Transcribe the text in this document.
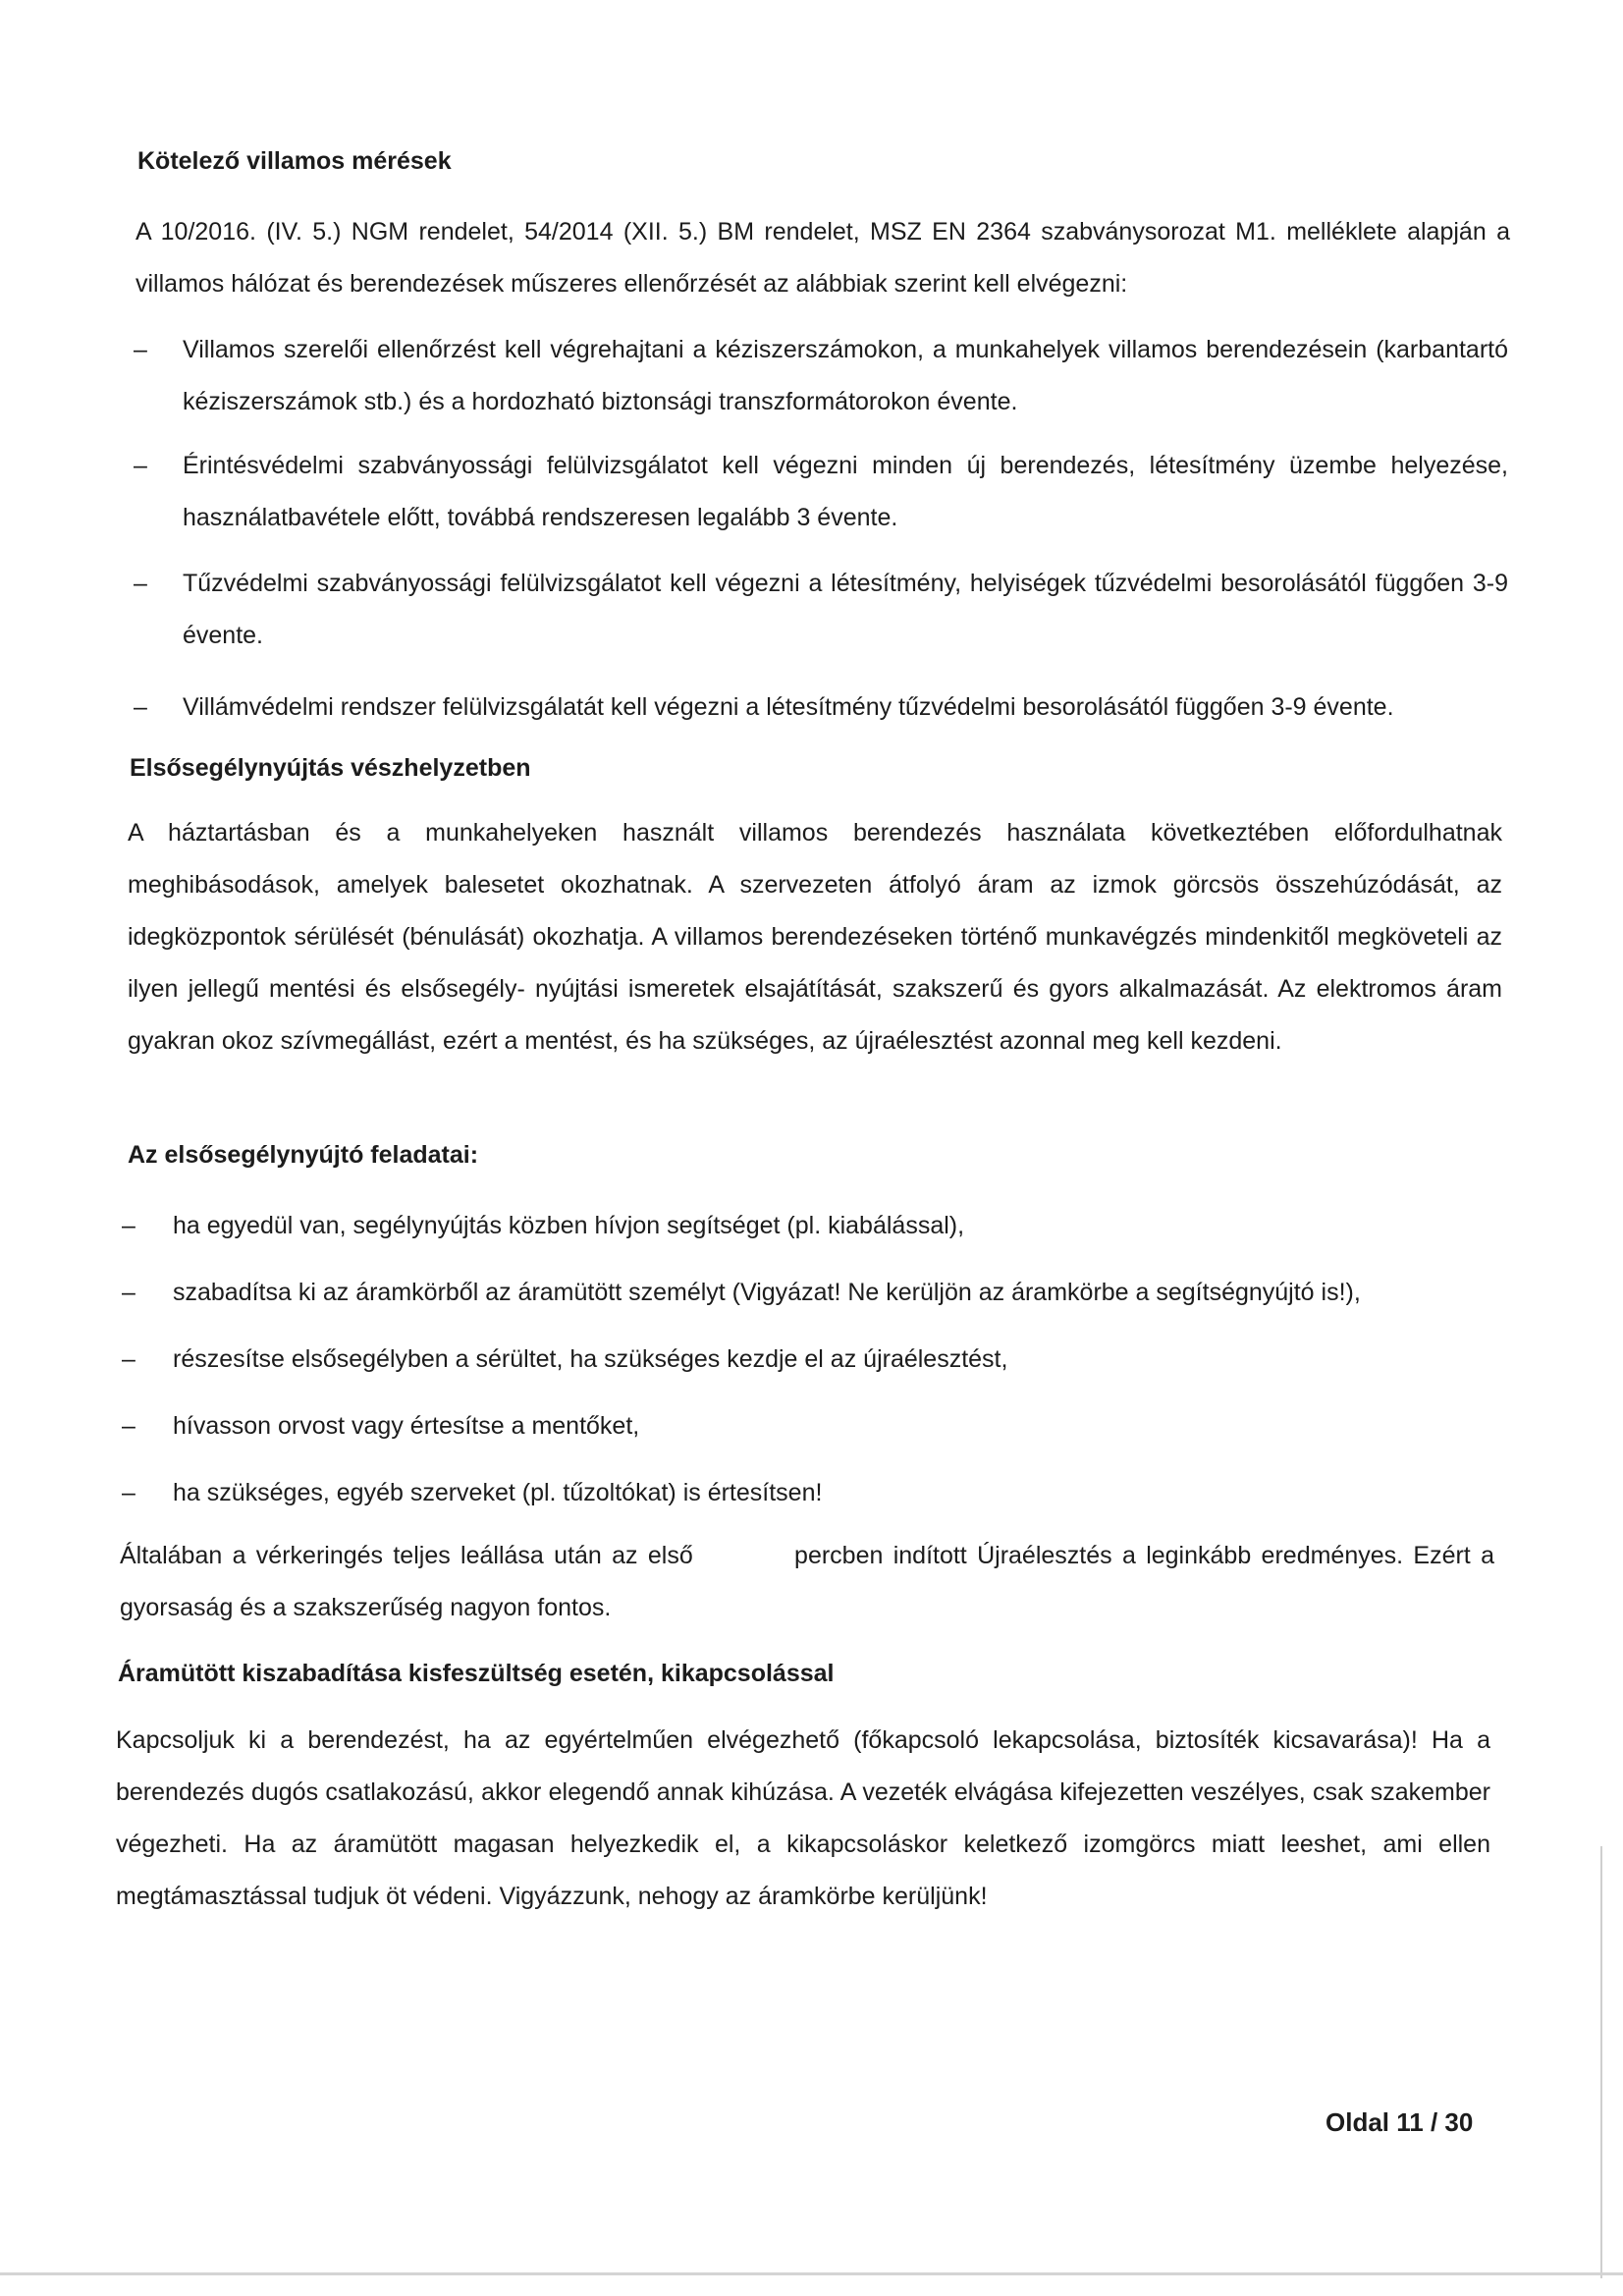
Kötelező villamos mérések

A 10/2016. (IV. 5.) NGM rendelet, 54/2014 (XII. 5.) BM rendelet, MSZ EN 2364 szabványsorozat M1. melléklete alapján a villamos hálózat és berendezések műszeres ellenőrzését az alábbiak szerint kell elvégezni:

– Villamos szerelői ellenőrzést kell végrehajtani a kéziszerszámokon, a munkahelyek villamos berendezésein (karbantartó kéziszerszámok stb.) és a hordozható biztonsági transzformátorokon évente.

– Érintésvédelmi szabványossági felülvizsgálatot kell végezni minden új berendezés, létesítmény üzembe helyezése, használatbavétele előtt, továbbá rendszeresen legalább 3 évente.

– Tűzvédelmi szabványossági felülvizsgálatot kell végezni a létesítmény, helyiségek tűzvédelmi besorolásától függően 3-9 évente.

– Villámvédelmi rendszer felülvizsgálatát kell végezni a létesítmény tűzvédelmi besorolásától függően 3-9 évente.

Elsősegélynyújtás vészhelyzetben

A háztartásban és a munkahelyeken használt villamos berendezés használata következtében előfordulhatnak meghibásodások, amelyek balesetet okozhatnak. A szervezeten átfolyó áram az izmok görcsös összehúzódását, az idegközpontok sérülését (bénulását) okozhatja. A villamos berendezéseken történő munkavégzés mindenkitől megköveteli az ilyen jellegű mentési és elsősegély- nyújtási ismeretek elsajátítását, szakszerű és gyors alkalmazását. Az elektromos áram gyakran okoz szívmegállást, ezért a mentést, és ha szükséges, az újraélesztést azonnal meg kell kezdeni.

Az elsősegélynyújtó feladatai:
– ha egyedül van, segélynyújtás közben hívjon segítséget (pl. kiabálással),

– szabadítsa ki az áramkörből az áramütött személyt (Vigyázat! Ne kerüljön az áramkörbe a segítségnyújtó is!),

– részesítse elsősegélyben a sérültet, ha szükséges kezdje el az újraélesztést,

– hívasson orvost vagy értesítse a mentőket,

– ha szükséges, egyéb szerveket (pl. tűzoltókat) is értesítsen!

Általában a vérkeringés teljes leállása után az első          percben indított Újraélesztés a leginkább eredményes. Ezért a gyorsaság és a szakszerűség nagyon fontos.

Áramütött kiszabadítása kisfeszültség esetén, kikapcsolással

Kapcsoljuk ki a berendezést, ha az egyértelműen elvégezhető (főkapcsoló lekapcsolása, biztosíték kicsavarása)! Ha a berendezés dugós csatlakozású, akkor elegendő annak kihúzása. A vezeték elvágása kifejezetten veszélyes, csak szakember végezheti. Ha az áramütött magasan helyezkedik el, a kikapcsoláskor keletkező izomgörcs miatt leeshet, ami ellen megtámasztással tudjuk öt védeni. Vigyázzunk, nehogy az áramkörbe kerüljünk!

Oldal 11 / 30
